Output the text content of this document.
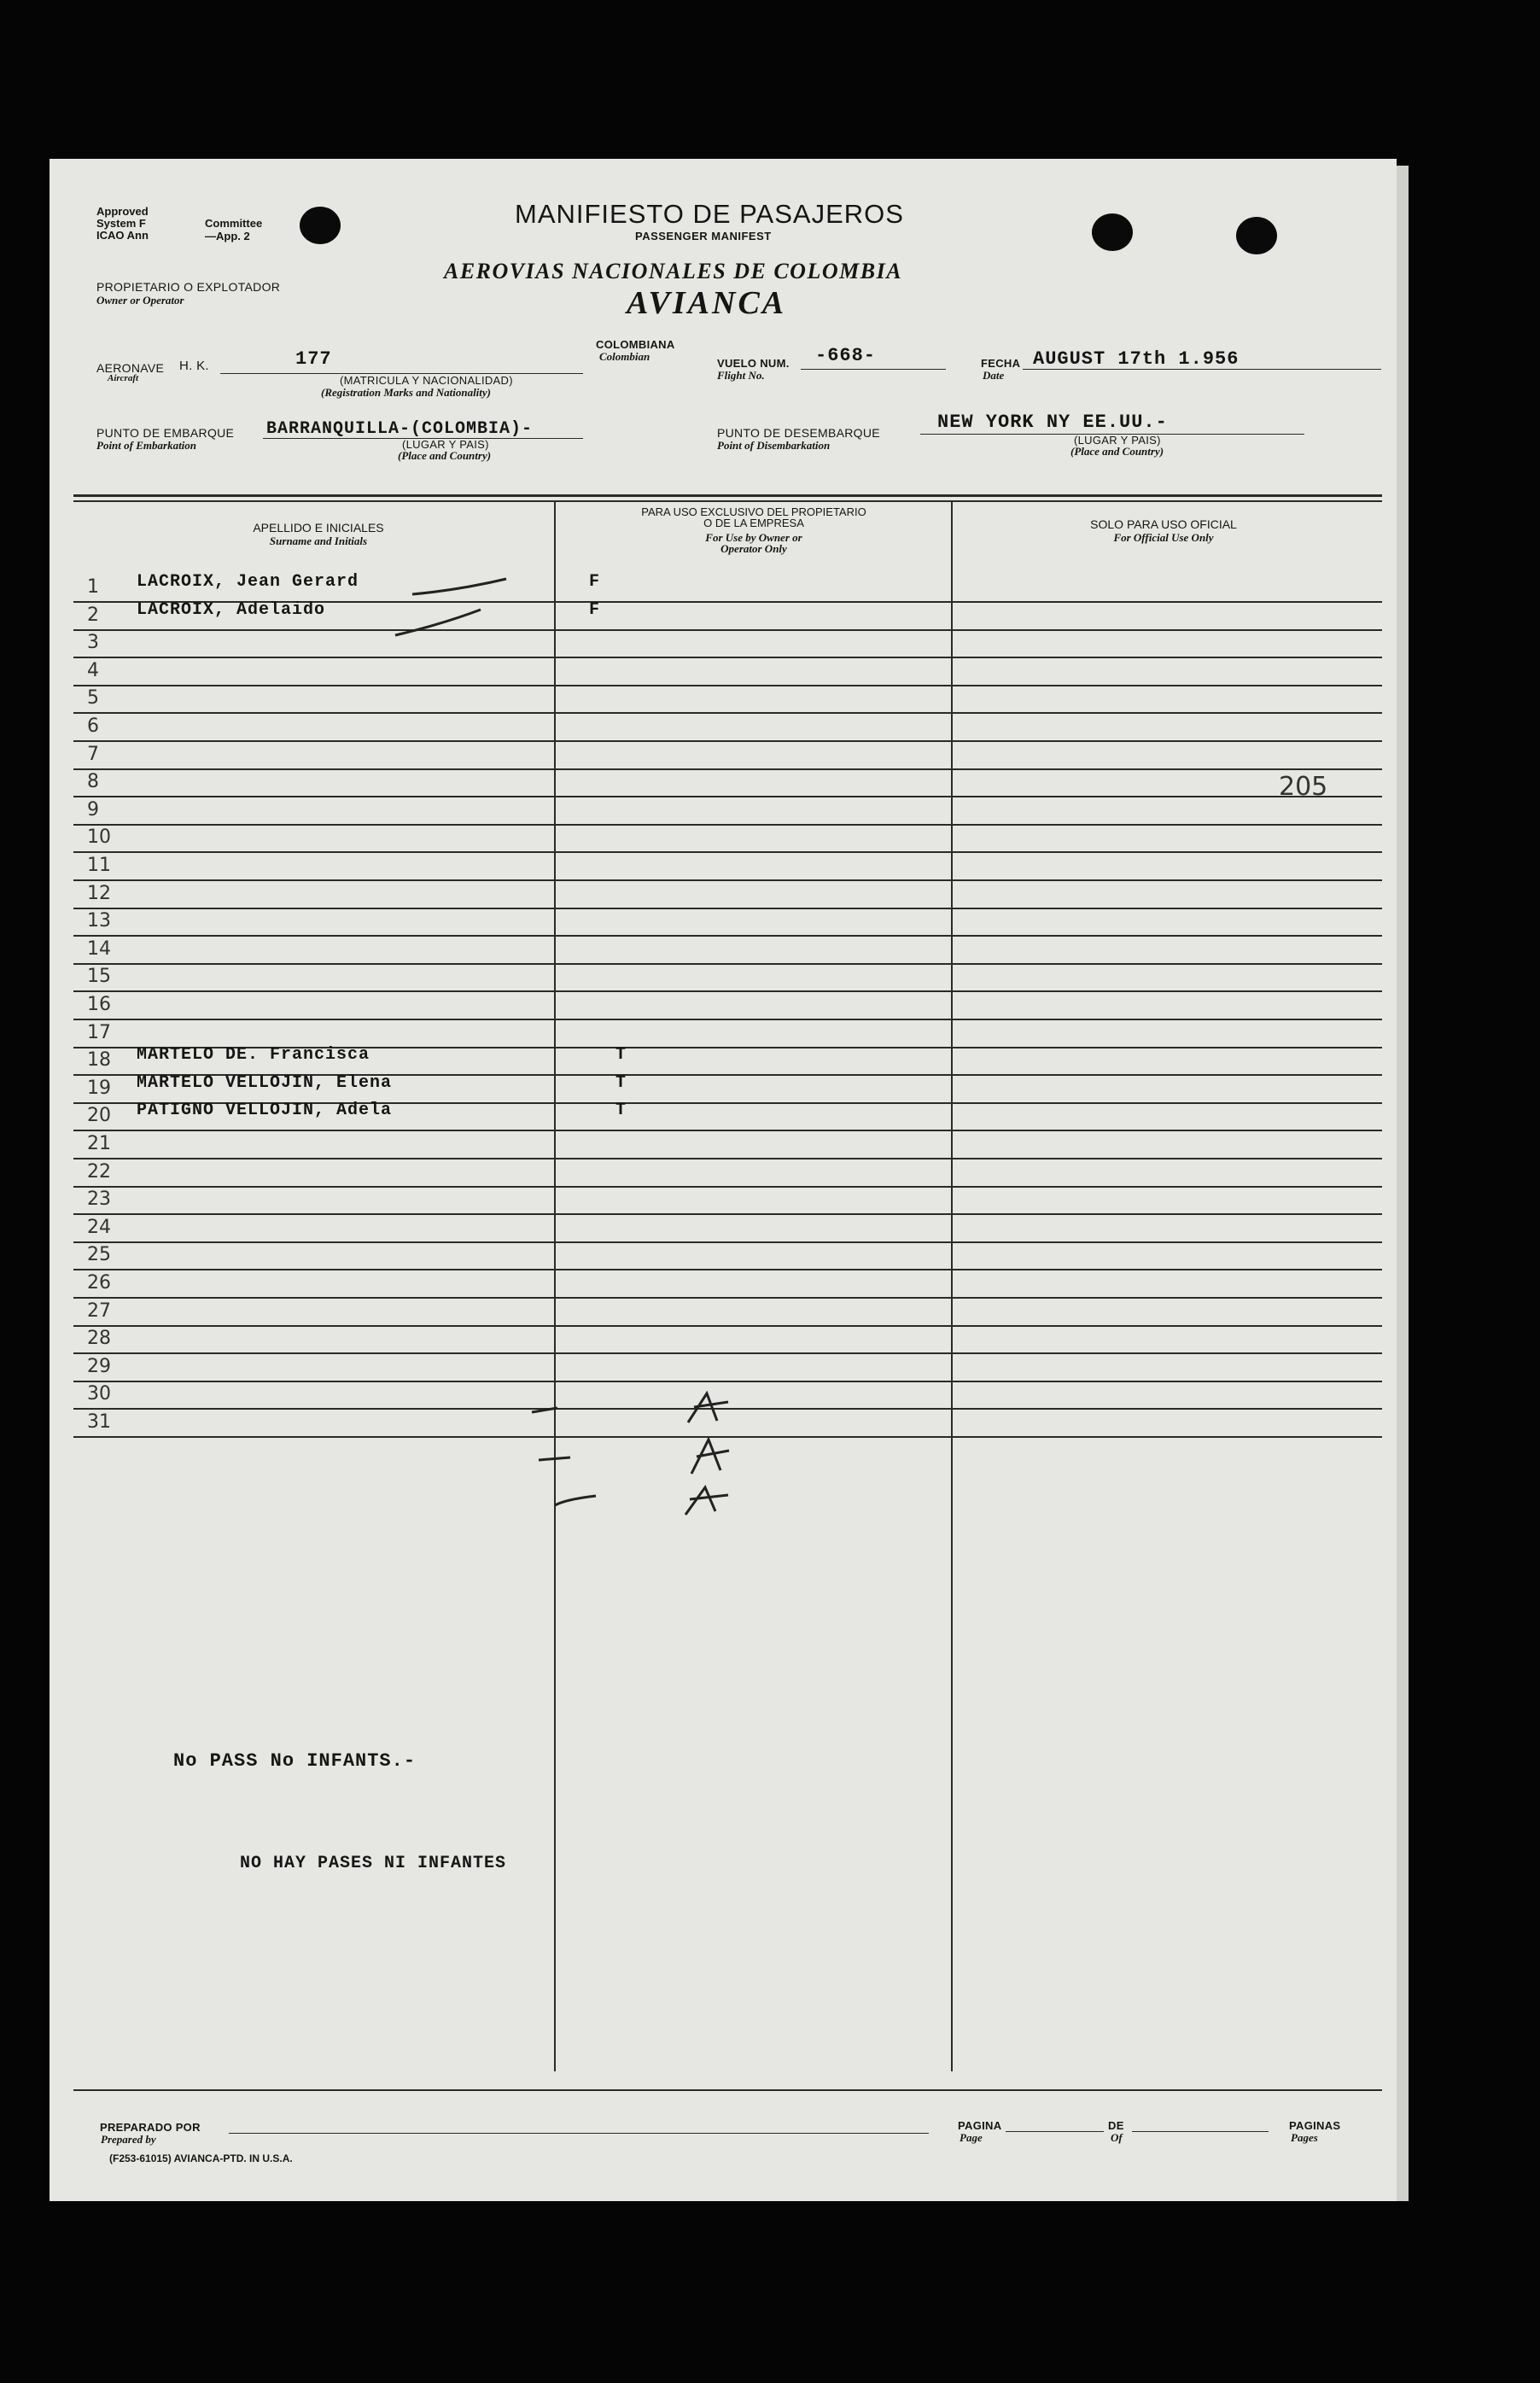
Approved
System F
ICAO Ann
Committee
—App. 2
MANIFIESTO DE PASAJEROS
PASSENGER MANIFEST
PROPIETARIO O EXPLOTADOR
Owner or Operator
AEROVIAS NACIONALES DE COLOMBIA
AVIANCA
AERONAVE
Aircraft
H. K.	177
(MATRICULA Y NACIONALIDAD)
(Registration Marks and Nationality)
COLOMBIANA
Colombian
VUELO NUM.
Flight No.
-668-	FECHA
Date
AUGUST 17th 1.956
PUNTO DE EMBARQUE
Point of Embarkation
BARRANQUILLA-(COLOMBIA)-
(LUGAR Y PAIS)
(Place and Country)
PUNTO DE DESEMBARQUE
Point of Disembarkation
NEW YORK NY EE.UU.-
(LUGAR Y PAIS)
(Place and Country)
APELLIDO E INICIALES
Surname and Initials
PARA USO EXCLUSIVO DEL PROPIETARIO
O DE LA EMPRESA
For Use by Owner or
Operator Only
SOLO PARA USO OFICIAL
For Official Use Only
205
1 LACROIX, Jean Gerard	F
2 LACROIX, Adelaido	F
3
4
5
6
7
8
9
10
11
12
13
14
15
16
17
18 MARTELO DE. Francisca	T
19 MARTELO VELLOJIN, Elena	T
20 PATIGNO VELLOJIN, Adela	T
21
22
23
24
25
26
27
28
29
30
31
No PASS No INFANTS.-
NO HAY PASES NI INFANTES
PREPARADO POR
Prepared by
PAGINA
Page
DE
Of
PAGINAS
Pages
(F253-61015) AVIANCA-PTD. IN U.S.A.
